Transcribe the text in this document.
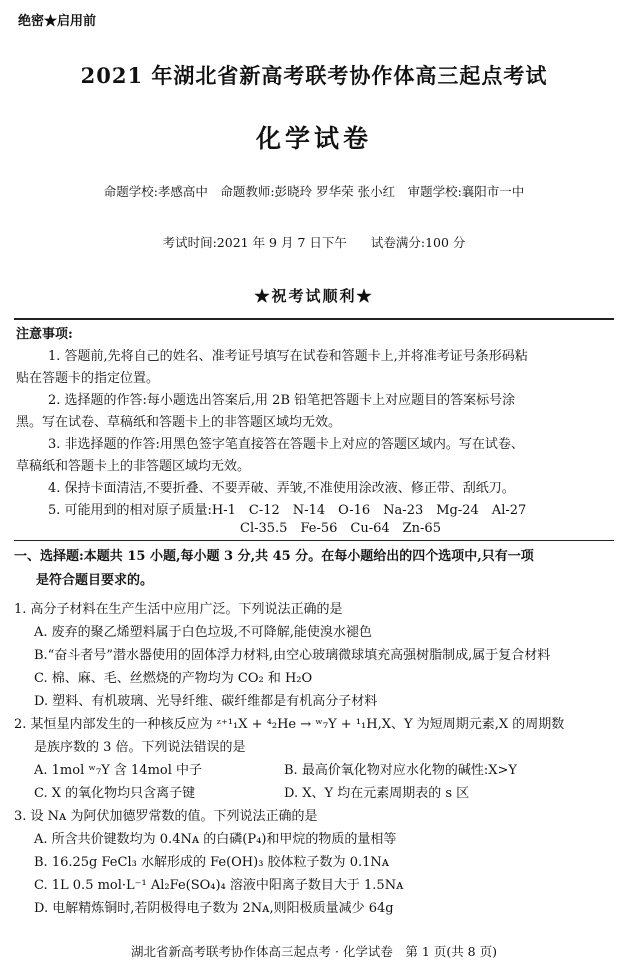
绝密★启用前
2021 年湖北省新高考联考协作体高三起点考试
化学试卷
命题学校:孝感高中　命题教师:彭晓玲 罗华荣 张小红　审题学校:襄阳市一中
考试时间:2021 年 9 月 7 日下午 试卷满分:100 分
★祝考试顺利★
注意事项:
1. 答题前,先将自己的姓名、准考证号填写在试卷和答题卡上,并将准考证号条形码粘
贴在答题卡的指定位置。
2. 选择题的作答:每小题选出答案后,用 2B 铅笔把答题卡上对应题目的答案标号涂
黑。写在试卷、草稿纸和答题卡上的非答题区域均无效。
3. 非选择题的作答:用黑色签字笔直接答在答题卡上对应的答题区域内。写在试卷、
草稿纸和答题卡上的非答题区域均无效。
4. 保持卡面清洁,不要折叠、不要弄破、弄皱,不准使用涂改液、修正带、刮纸刀。
5. 可能用到的相对原子质量:H-1　C-12　N-14　O-16　Na-23　Mg-24　Al-27
Cl-35.5　Fe-56　Cu-64　Zn-65
一、选择题:本题共 15 小题,每小题 3 分,共 45 分。在每小题给出的四个选项中,只有一项
是符合题目要求的。
1. 高分子材料在生产生活中应用广泛。下列说法正确的是
A. 废弃的聚乙烯塑料属于白色垃圾,不可降解,能使溴水褪色
B.“奋斗者号”潜水器使用的固体浮力材料,由空心玻璃微球填充高强树脂制成,属于复合材料
C. 棉、麻、毛、丝燃烧的产物均为 CO₂ 和 H₂O
D. 塑料、有机玻璃、光导纤维、碳纤维都是有机高分子材料
2. 某恒星内部发生的一种核反应为 ᶻ⁺¹₁X + ⁴₂He → ʷ₇Y + ¹₁H,X、Y 为短周期元素,X 的周期数
是族序数的 3 倍。下列说法错误的是
A. 1mol ʷ₇Y 含 14mol 中子	B. 最高价氧化物对应水化物的碱性:X>Y
C. X 的氧化物均只含离子键	D. X、Y 均在元素周期表的 s 区
3. 设 Nᴀ 为阿伏加德罗常数的值。下列说法正确的是
A. 所含共价键数均为 0.4Nᴀ 的白磷(P₄)和甲烷的物质的量相等
B. 16.25g FeCl₃ 水解形成的 Fe(OH)₃ 胶体粒子数为 0.1Nᴀ
C. 1L 0.5 mol·L⁻¹ Al₂Fe(SO₄)₄ 溶液中阳离子数目大于 1.5Nᴀ
D. 电解精炼铜时,若阴极得电子数为 2Nᴀ,则阳极质量减少 64g
湖北省新高考联考协作体高三起点考 · 化学试卷　第 1 页(共 8 页)
